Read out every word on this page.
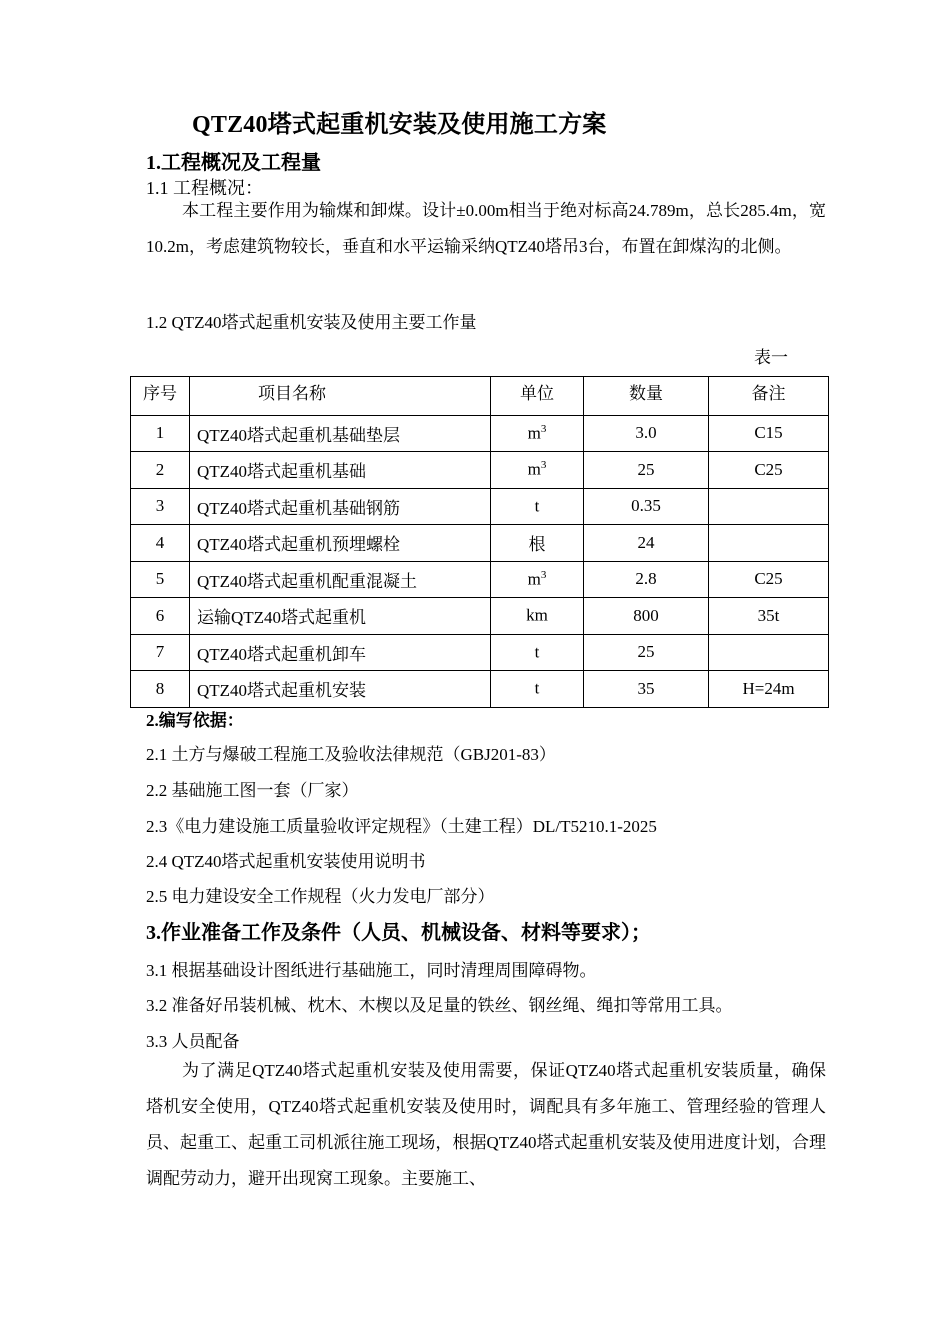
QTZ40塔式起重机安装及使用施工方案
1.工程概况及工程量
1.1 工程概况：
本工程主要作用为输煤和卸煤。设计±0.00m相当于绝对标高24.789m，总长285.4m，宽10.2m，考虑建筑物较长，垂直和水平运输采纳QTZ40塔吊3台，布置在卸煤沟的北侧。
1.2 QTZ40塔式起重机安装及使用主要工作量
表一
序号	项目名称	单位	数量	备注
1	QTZ40塔式起重机基础垫层	$m^3$	3.0	C15
2	QTZ40塔式起重机基础	$m^3$	25	C25
3	QTZ40塔式起重机基础钢筋	t	0.35	
4	QTZ40塔式起重机预埋螺栓	根	24	
5	QTZ40塔式起重机配重混凝土	$m^3$	2.8	C25
6	运输QTZ40塔式起重机	km	800	35t
7	QTZ40塔式起重机卸车	t	25	
8	QTZ40塔式起重机安装	t	35	H=24m
2.编写依据：
2.1 土方与爆破工程施工及验收法律规范（GBJ201-83）
2.2 基础施工图一套（厂家）
2.3《电力建设施工质量验收评定规程》（土建工程）DL/T5210.1-2025
2.4 QTZ40塔式起重机安装使用说明书
2.5 电力建设安全工作规程（火力发电厂部分）
3.作业准备工作及条件（人员、机械设备、材料等要求）；
3.1 根据基础设计图纸进行基础施工，同时清理周围障碍物。
3.2 准备好吊装机械、枕木、木楔以及足量的铁丝、钢丝绳、绳扣等常用工具。
3.3 人员配备
为了满足QTZ40塔式起重机安装及使用需要，保证QTZ40塔式起重机安装质量，确保塔机安全使用，QTZ40塔式起重机安装及使用时，调配具有多年施工、管理经验的管理人员、起重工、起重工司机派往施工现场，根据QTZ40塔式起重机安装及使用进度计划，合理调配劳动力，避开出现窝工现象。主要施工、
